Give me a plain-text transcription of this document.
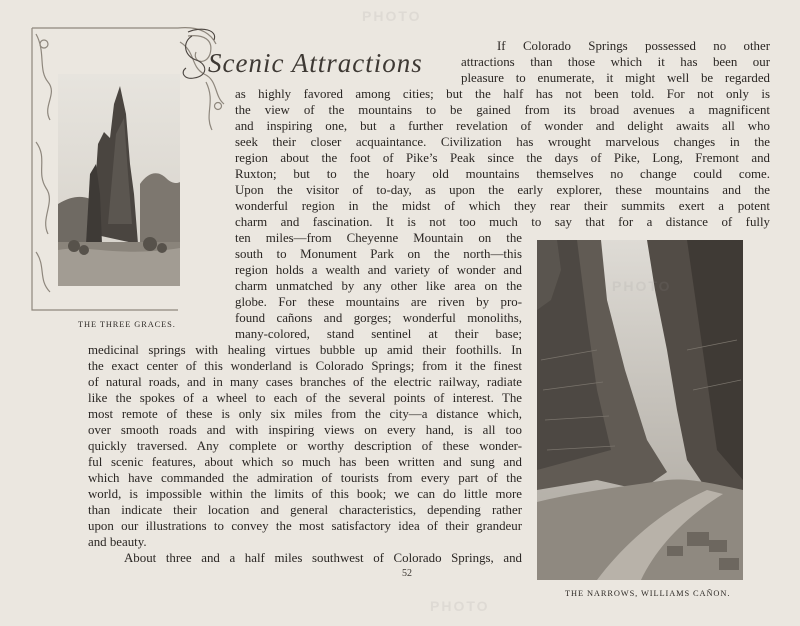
THE THREE GRACES.
Scenic Attractions
THE NARROWS, WILLIAMS CAÑON.
If Colorado Springs possessed no other
attractions than those which it has been our
pleasure to enumerate, it might well be regarded
as highly favored among cities; but the half has not been told. For not only is
the view of the mountains to be gained from its broad avenues a magnificent
and inspiring one, but a further revelation of wonder and delight awaits all who
seek their closer acquaintance. Civilization has wrought marvelous changes in the
region about the foot of Pike’s Peak since the days of Pike, Long, Fremont and
Ruxton; but to the hoary old mountains themselves no change could come.
Upon the visitor of to-day, as upon the early explorer, these mountains and the
wonderful region in the midst of which they rear their summits exert a potent
charm and fascination. It is not too much to say that for a distance of fully
ten miles—from Cheyenne Mountain on the
south to Monument Park on the north—this
region holds a wealth and variety of wonder and
charm unmatched by any other like area on the
globe. For these mountains are riven by pro-
found cañons and gorges; wonderful monoliths,
many-colored, stand sentinel at their base;
medicinal springs with healing virtues bubble up amid their foothills. In
the exact center of this wonderland is Colorado Springs; from it the finest
of natural roads, and in many cases branches of the electric railway, radiate
like the spokes of a wheel to each of the several points of interest. The
most remote of these is only six miles from the city—a distance which,
over smooth roads and with inspiring views on every hand, is all too
quickly traversed. Any complete or worthy description of these wonder-
ful scenic features, about which so much has been written and sung and
which have commanded the admiration of tourists from every part of the
world, is impossible within the limits of this book; we can do little more
than indicate their location and general characteristics, depending rather
upon our illustrations to convey the most satisfactory idea of their grandeur
and beauty.
About three and a half miles southwest of Colorado Springs, and
52
PHOTO
PHOTO
